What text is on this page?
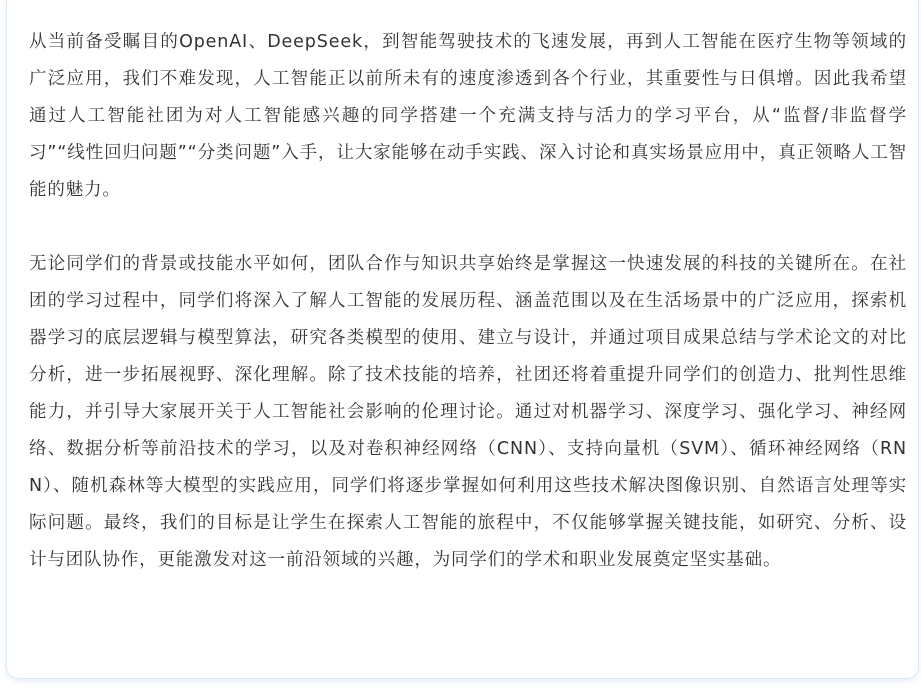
从当前备受瞩目的OpenAI、DeepSeek，到智能驾驶技术的飞速发展，再到人工智能在医疗生物等领域的广泛应用，我们不难发现，人工智能正以前所未有的速度渗透到各个行业，其重要性与日俱增。因此我希望通过人工智能社团为对人工智能感兴趣的同学搭建一个充满支持与活力的学习平台，从“监督/非监督学习”“线性回归问题”“分类问题”入手，让大家能够在动手实践、深入讨论和真实场景应用中，真正领略人工智能的魅力。

无论同学们的背景或技能水平如何，团队合作与知识共享始终是掌握这一快速发展的科技的关键所在。在社团的学习过程中，同学们将深入了解人工智能的发展历程、涵盖范围以及在生活场景中的广泛应用，探索机器学习的底层逻辑与模型算法，研究各类模型的使用、建立与设计，并通过项目成果总结与学术论文的对比分析，进一步拓展视野、深化理解。除了技术技能的培养，社团还将着重提升同学们的创造力、批判性思维能力，并引导大家展开关于人工智能社会影响的伦理讨论。通过对机器学习、深度学习、强化学习、神经网络、数据分析等前沿技术的学习，以及对卷积神经网络（CNN）、支持向量机（SVM）、循环神经网络（RNN）、随机森林等大模型的实践应用，同学们将逐步掌握如何利用这些技术解决图像识别、自然语言处理等实际问题。最终，我们的目标是让学生在探索人工智能的旅程中，不仅能够掌握关键技能，如研究、分析、设计与团队协作，更能激发对这一前沿领域的兴趣，为同学们的学术和职业发展奠定坚实基础。
